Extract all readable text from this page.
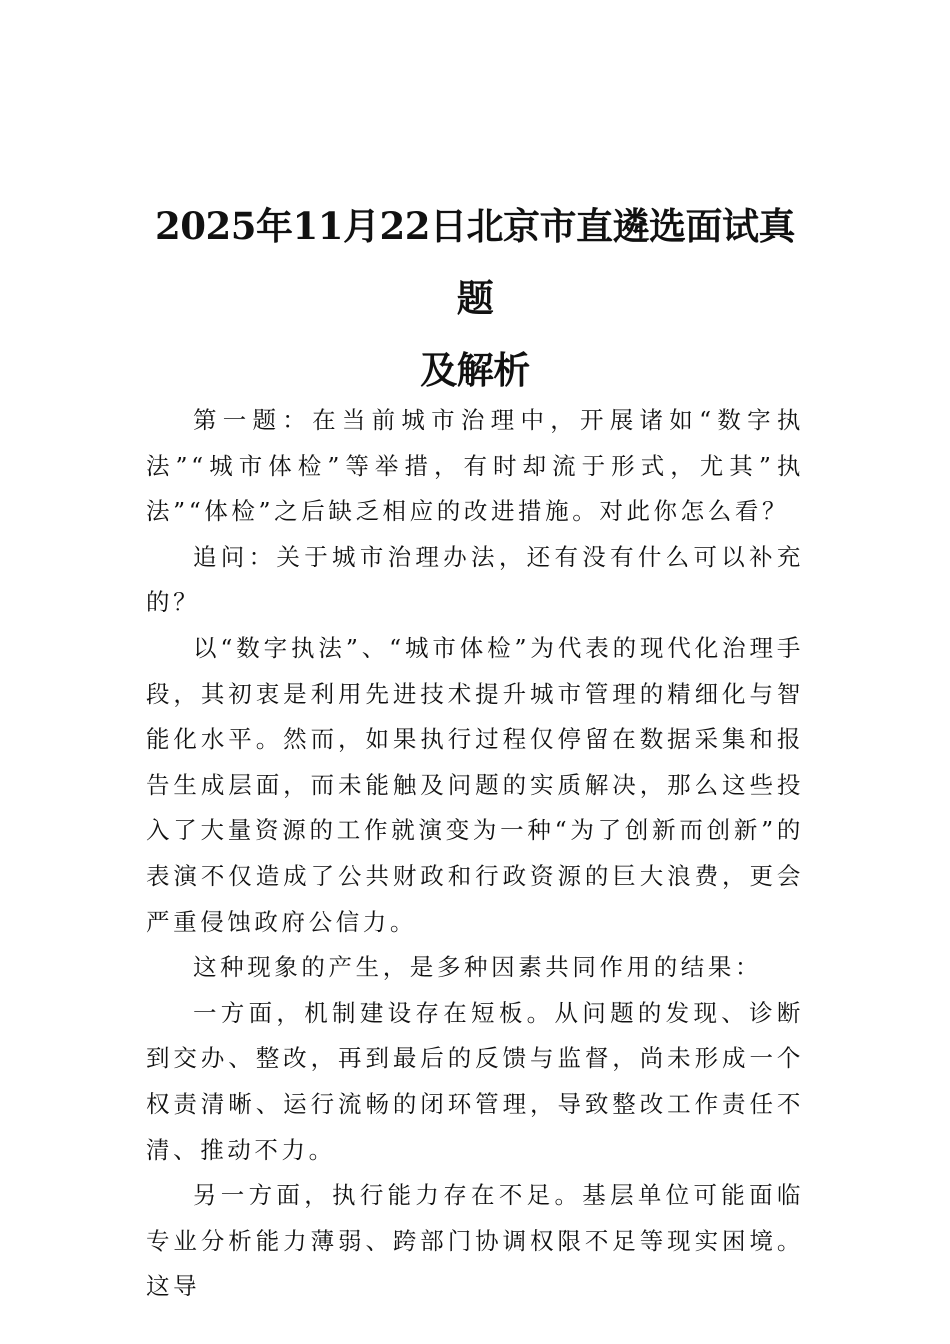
2025年11月22日北京市直遴选面试真题
及解析

第一题：在当前城市治理中，开展诸如“数字执法”“城市体检”等举措，有时却流于形式，尤其”执法”“体检”之后缺乏相应的改进措施。对此你怎么看？

追问：关于城市治理办法，还有没有什么可以补充的？

以“数字执法”、“城市体检”为代表的现代化治理手段，其初衷是利用先进技术提升城市管理的精细化与智能化水平。然而，如果执行过程仅停留在数据采集和报告生成层面，而未能触及问题的实质解决，那么这些投入了大量资源的工作就演变为一种“为了创新而创新”的表演不仅造成了公共财政和行政资源的巨大浪费，更会严重侵蚀政府公信力。

这种现象的产生，是多种因素共同作用的结果：

一方面，机制建设存在短板。从问题的发现、诊断到交办、整改，再到最后的反馈与监督，尚未形成一个权责清晰、运行流畅的闭环管理，导致整改工作责任不清、推动不力。

另一方面，执行能力存在不足。基层单位可能面临专业分析能力薄弱、跨部门协调权限不足等现实困境。这导
